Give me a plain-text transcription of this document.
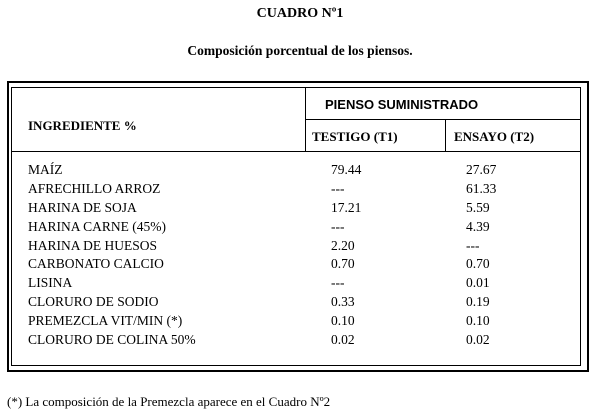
CUADRO Nº1
Composición porcentual de los piensos.
INGREDIENTE %
PIENSO SUMINISTRADO
TESTIGO (T1)	ENSAYO (T2)
MAÍZ	79.44	27.67
AFRECHILLO ARROZ	---	61.33
HARINA DE SOJA	17.21	5.59
HARINA CARNE (45%)	---	4.39
HARINA DE HUESOS	2.20	---
CARBONATO CALCIO	0.70	0.70
LISINA	---	0.01
CLORURO DE SODIO	0.33	0.19
PREMEZCLA VIT/MIN (*)	0.10	0.10
CLORURO DE COLINA 50%	0.02	0.02
(*) La composición de la Premezcla aparece en el Cuadro Nº2
